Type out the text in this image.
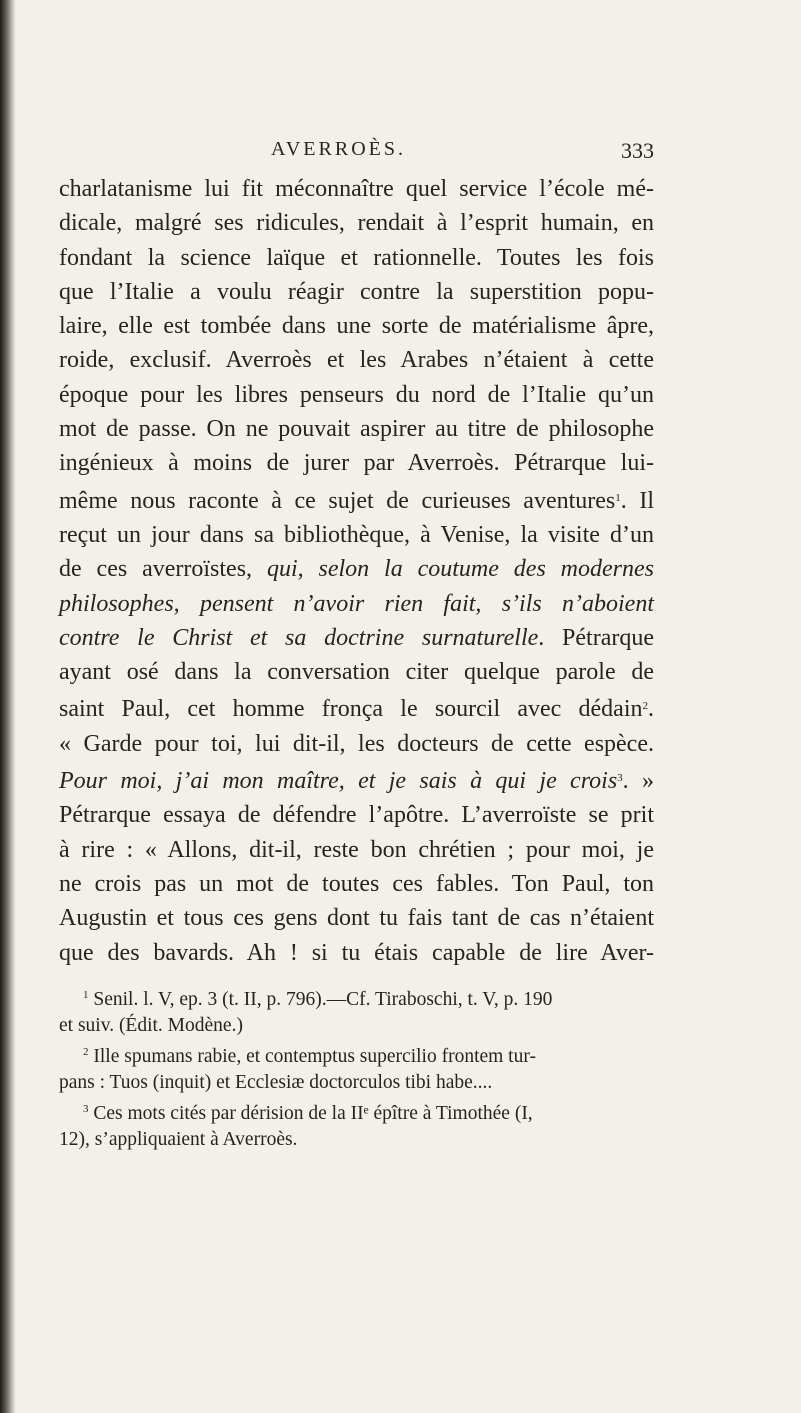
AVERROÈS.	333
charlatanisme lui fit méconnaître quel service l’école mé-
dicale, malgré ses ridicules, rendait à l’esprit humain, en
fondant la science laïque et rationnelle. Toutes les fois
que l’Italie a voulu réagir contre la superstition popu-
laire, elle est tombée dans une sorte de matérialisme âpre,
roide, exclusif. Averroès et les Arabes n’étaient à cette
époque pour les libres penseurs du nord de l’Italie qu’un
mot de passe. On ne pouvait aspirer au titre de philosophe
ingénieux à moins de jurer par Averroès. Pétrarque lui-
même nous raconte à ce sujet de curieuses aventures$^1$. Il
reçut un jour dans sa bibliothèque, à Venise, la visite d’un
de ces averroïstes, qui, selon la coutume des modernes
philosophes, pensent n’avoir rien fait, s’ils n’aboient
contre le Christ et sa doctrine surnaturelle. Pétrarque
ayant osé dans la conversation citer quelque parole de
saint Paul, cet homme fronça le sourcil avec dédain$^2$.
« Garde pour toi, lui dit-il, les docteurs de cette espèce.
Pour moi, j’ai mon maître, et je sais à qui je crois$^3$. »
Pétrarque essaya de défendre l’apôtre. L’averroïste se prit
à rire : « Allons, dit-il, reste bon chrétien ; pour moi, je
ne crois pas un mot de toutes ces fables. Ton Paul, ton
Augustin et tous ces gens dont tu fais tant de cas n’étaient
que des bavards. Ah ! si tu étais capable de lire Aver-
$^1$ Senil. l. V, ep. 3 (t. II, p. 796).—Cf. Tiraboschi, t. V, p. 190
et suiv. (Édit. Modène.)
$^2$ Ille spumans rabie, et contemptus supercilio frontem tur-
pans : Tuos (inquit) et Ecclesiæ doctorculos tibi habe....
$^3$ Ces mots cités par dérision de la IIᵉ épître à Timothée (I,
12), s’appliquaient à Averroès.
